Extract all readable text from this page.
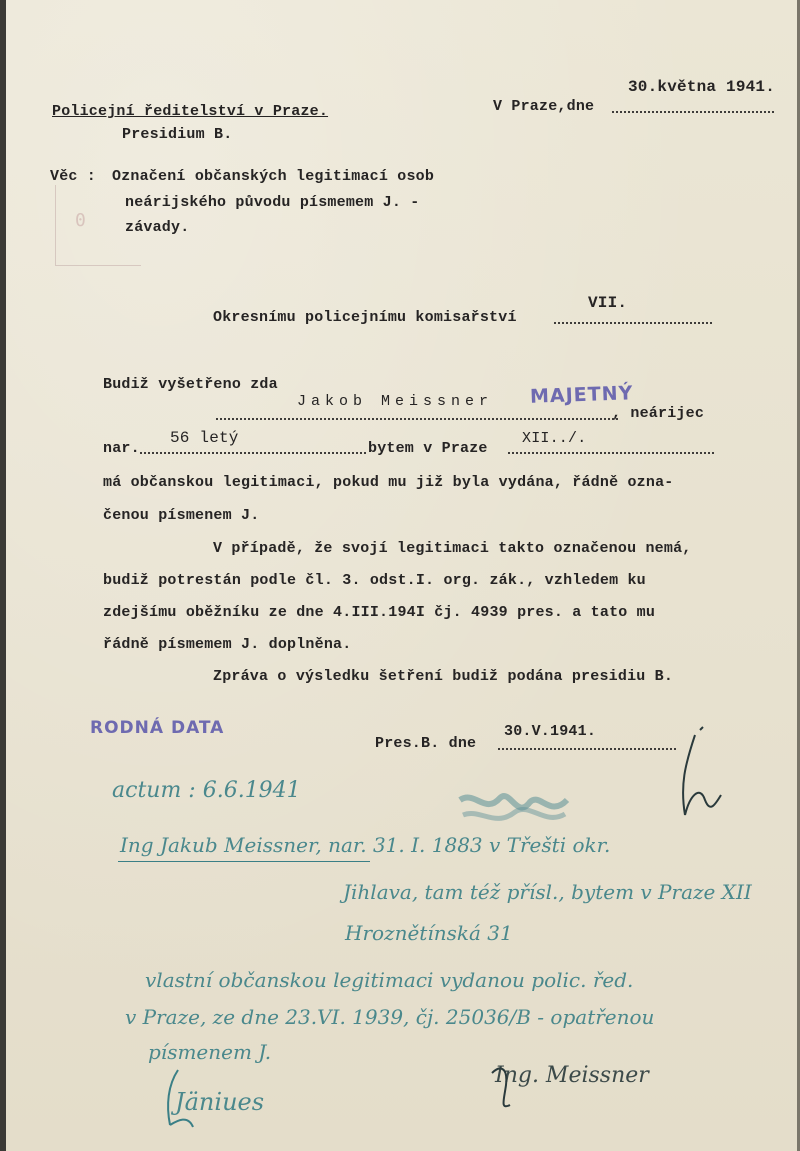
30.května 1941.
Policejní ředitelství v Praze.	V Praze,dne
Presidium B.
0
Věc : Označení občanských legitimací osob
neárijského původu písmemem J. -
závady.
VII.
Okresnímu policejnímu komisařství
Budiž vyšetřeno zda
Jakob Meissner MAJETNÝ
, neárijec
nar.
56 letý
bytem v Praze
XII../.
má občanskou legitimaci, pokud mu již byla vydána, řádně ozna-
čenou písmenem J.
V případě, že svojí legitimaci takto označenou nemá,
budiž potrestán podle čl. 3. odst.I. org. zák., vzhledem ku
zdejšímu oběžníku ze dne 4.III.194I čj. 4939 pres. a tato mu
řádně písmemem J. doplněna.
Zpráva o výsledku šetření budiž podána presidiu B.
RODNÁ DATA	30.V.1941.
Pres.B. dne
actum : 6.6.1941
Ing Jakub Meissner, nar. 31. I. 1883 v Třešti okr.
Jihlava, tam též přísl., bytem v Praze XII
Hroznětínská 31
vlastní občanskou legitimaci vydanou polic. řed.
v Praze, ze dne 23.VI. 1939, čj. 25036/B - opatřenou
písmenem J.
Jäniues
Ing. Meissner
